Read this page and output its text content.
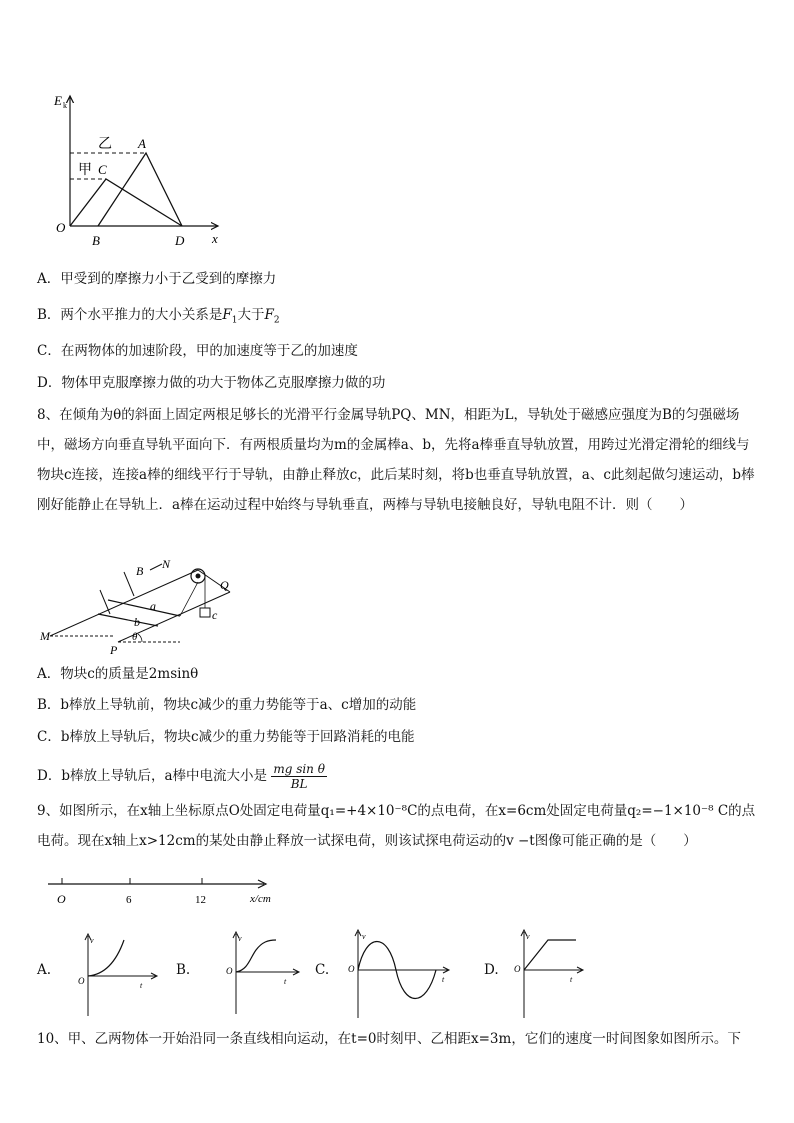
E k
x
O
B	D
A
C
乙
甲
A．甲受到的摩擦力小于乙受到的摩擦力
B．两个水平推力的大小关系是$F_1$大于$F_2$
C．在两物体的加速阶段，甲的加速度等于乙的加速度
D．物体甲克服摩擦力做的功大于物体乙克服摩擦力做的功
8、在倾角为θ的斜面上固定两根足够长的光滑平行金属导轨PQ、MN，相距为L，导轨处于磁感应强度为B的匀强磁场中，磁场方向垂直导轨平面向下．有两根质量均为m的金属棒a、b，先将a棒垂直导轨放置，用跨过光滑定滑轮的细线与物块c连接，连接a棒的细线平行于导轨，由静止释放c，此后某时刻，将b也垂直导轨放置，a、c此刻起做匀速运动，b棒刚好能静止在导轨上．a棒在运动过程中始终与导轨垂直，两棒与导轨电接触良好，导轨电阻不计．则（　　）
B N
Q
a
b	c
M
P
θ
A．物块c的质量是2msinθ
B．b棒放上导轨前，物块c减少的重力势能等于a、c增加的动能
C．b棒放上导轨后，物块c减少的重力势能等于回路消耗的电能
D．b棒放上导轨后，a棒中电流大小是 $\frac{\text{mg sin θ}}{BL}$
9、如图所示，在x轴上坐标原点O处固定电荷量q₁=+4×10⁻⁸C的点电荷，在x=6cm处固定电荷量q₂=−1×10⁻⁸ C的点电荷。现在x轴上x>12cm的某处由静止释放一试探电荷，则该试探电荷运动的v −t图像可能正确的是（　　）
O	6	12	x/cm
A.	B.	C.	D.
v
t
O
v
t
O
v
t
O
v
t
O
10、甲、乙两物体一开始沿同一条直线相向运动，在t=0时刻甲、乙相距x=3m，它们的速度一时间图象如图所示。下
